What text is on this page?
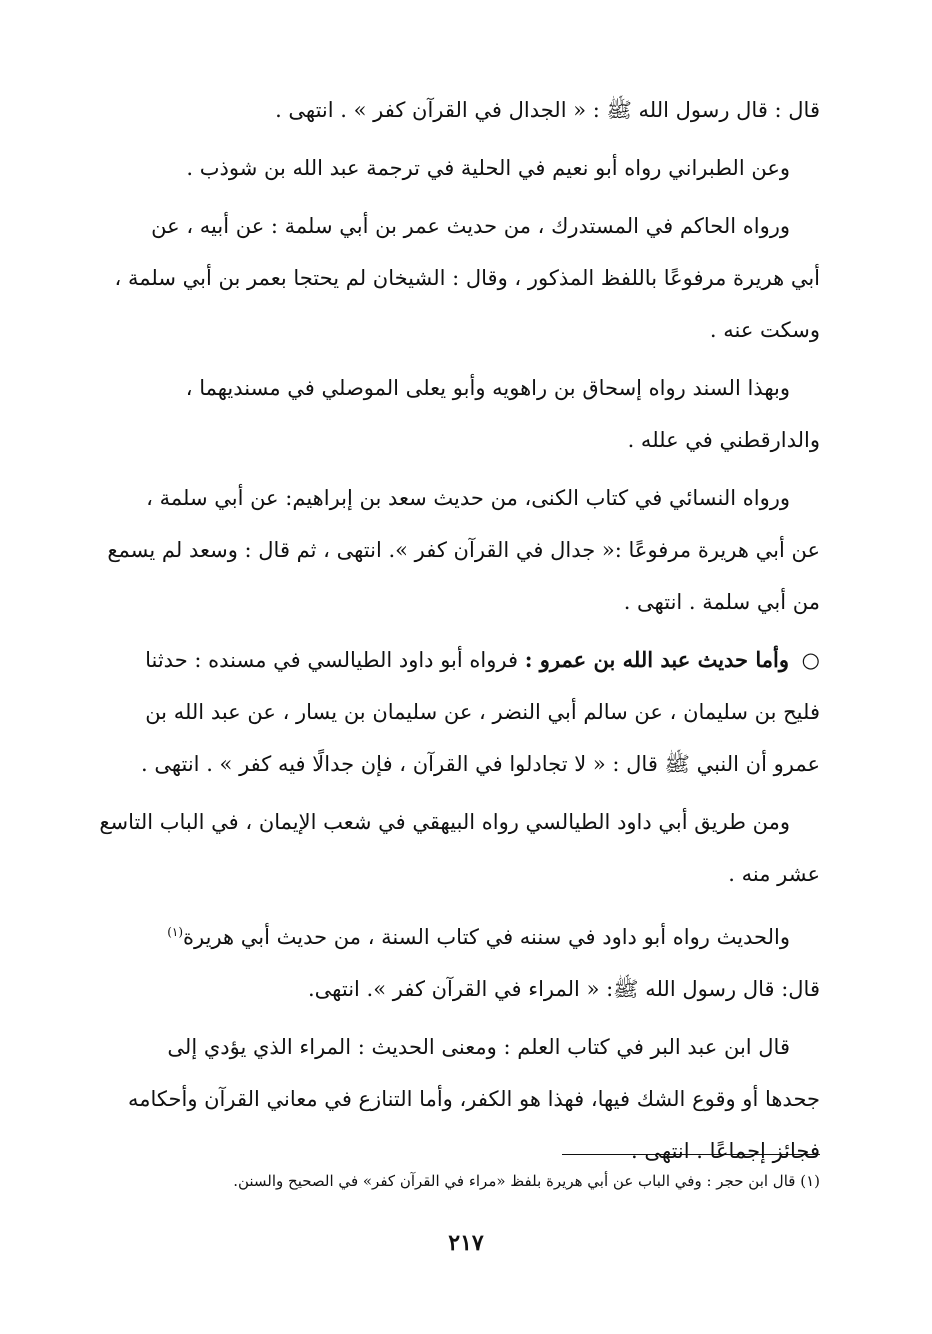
قال : قال رسول الله ﷺ : « الجدال في القرآن كفر » . انتهى .

وعن الطبراني رواه أبو نعيم في الحلية في ترجمة عبد الله بن شوذب .

ورواه الحاكم في المستدرك ، من حديث عمر بن أبي سلمة : عن أبيه ، عن
أبي هريرة مرفوعًا باللفظ المذكور ، وقال : الشيخان لم يحتجا بعمر بن أبي سلمة ،
وسكت عنه .

وبهذا السند رواه إسحاق بن راهويه وأبو يعلى الموصلي في مسنديهما ،
والدارقطني في علله .

ورواه النسائي في كتاب الكنى، من حديث سعد بن إبراهيم: عن أبي سلمة ،
عن أبي هريرة مرفوعًا :« جدال في القرآن كفر ». انتهى ، ثم قال : وسعد لم يسمع
من أبي سلمة . انتهى .

○ وأما حديث عبد الله بن عمرو : فرواه أبو داود الطيالسي في مسنده : حدثنا
فليح بن سليمان ، عن سالم أبي النضر ، عن سليمان بن يسار ، عن عبد الله بن
عمرو أن النبي ﷺ قال : « لا تجادلوا في القرآن ، فإن جدالًا فيه كفر » . انتهى .

ومن طريق أبي داود الطيالسي رواه البيهقي في شعب الإيمان ، في الباب التاسع
عشر منه .

والحديث رواه أبو داود في سننه في كتاب السنة ، من حديث أبي هريرة$^{(١)}$
قال: قال رسول الله ﷺ: « المراء في القرآن كفر ». انتهى.

قال ابن عبد البر في كتاب العلم : ومعنى الحديث : المراء الذي يؤدي إلى
جحدها أو وقوع الشك فيها، فهذا هو الكفر، وأما التنازع في معاني القرآن وأحكامه
فجائز إجماعًا . انتهى .

(١) قال ابن حجر : وفي الباب عن أبي هريرة بلفظ «مراء في القرآن كفر» في الصحيح والسنن.
٢١٧
